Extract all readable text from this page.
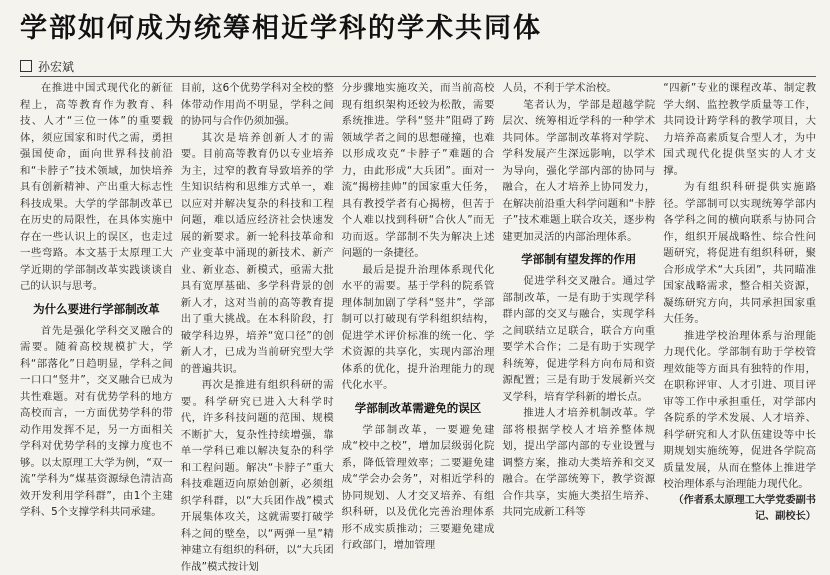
学部如何成为统筹相近学科的学术共同体
孙宏斌

在推进中国式现代化的新征程上，高等教育作为教育、科技、人才“三位一体”的重要载体，须应国家和时代之需，勇担强国使命，面向世界科技前沿和“卡脖子”技术领域，加快培养具有创新精神、产出重大标志性科技成果。大学的学部制改革已在历史的局限性，在具体实施中存在一些认识上的误区，也走过一些弯路。本文基于太原理工大学近期的学部制改革实践谈谈自己的认识与思考。

为什么要进行学部制改革

首先是强化学科交叉融合的需要。随着高校规模扩大，学科“部落化”日趋明显，学科之间一口口“竖井”，交叉融合已成为共性难题。对有优势学科的地方高校而言，一方面优势学科的带动作用发挥不足，另一方面相关学科对优势学科的支撑力度也不够。以太原理工大学为例，“双一流”学科为“煤基资源绿色清洁高效开发利用学科群”，由1个主建学科、5个支撑学科共同承建。

目前，这6个优势学科对全校的整体带动作用尚不明显，学科之间的协同与合作仍须加强。

其次是培养创新人才的需要。目前高等教育仍以专业培养为主，过窄的教育导致培养的学生知识结构和思维方式单一，难以应对并解决复杂的科技和工程问题，难以适应经济社会快速发展的新要求。新一轮科技革命和产业变革中涌现的新技术、新产业、新业态、新模式，亟需大批具有宽厚基础、多学科背景的创新人才，这对当前的高等教育提出了重大挑战。在本科阶段，打破学科边界，培养“宽口径”的创新人才，已成为当前研究型大学的普遍共识。

再次是推进有组织科研的需要。科学研究已进入大科学时代，许多科技问题的范围、规模不断扩大，复杂性持续增强，靠单一学科已难以解决复杂的科学和工程问题。解决“卡脖子”重大科技难题迈向原始创新，必须组织学科群，以“大兵团作战”模式开展集体攻关，这就需要打破学科之间的壁垒，以“两弹一星”精神建立有组织的科研，以“大兵团作战”模式按计划

分步骤地实施攻关，而当前高校现有组织架构还较为松散，需要系统推进。学科“竖井”阻碍了跨领域学者之间的思想碰撞，也难以形成攻克“卡脖子”难题的合力，由此形成“大兵团”。面对一流“揭榜挂帅”的国家重大任务，具有教授学者有心揭榜，但苦于个人难以找到科研“合伙人”而无功而返。学部制不失为解决上述问题的一条捷径。

最后是提升治理体系现代化水平的需要。基于学科的院系管理体制加剧了学科“竖井”，学部制可以打破现有学科组织结构，促进学术评价标准的统一化、学术资源的共享化，实现内部治理体系的优化，提升治理能力的现代化水平。

学部制改革需避免的误区

学部制改革，一要避免建成“校中之校”，增加层级弱化院系，降低管理效率；二要避免建成“学会办会务”，对相近学科的协同规划、人才交叉培养、有组织科研，以及优化完善治理体系形不成实质推动；三要避免建成行政部门，增加管理

人员，不利于学术治校。

笔者认为，学部是超越学院层次、统筹相近学科的一种学术共同体。学部制改革将对学院、学科发展产生深远影响，以学术为导向，强化学部内部的协同与融合，在人才培养上协同发力，在解决前沿重大科学问题和“卡脖子”技术难题上联合攻关，逐步构建更加灵活的内部治理体系。

学部制有望发挥的作用

促进学科交叉融合。通过学部制改革，一是有助于实现学科群内部的交叉与融合，实现学科之间联结立足联合，联合方向重要学术合作；二是有助于实现学科统筹，促进学科方向布局和资源配置；三是有助于发展新兴交叉学科，培育学科新的增长点。

推进人才培养机制改革。学部将根据学校人才培养整体规划，提出学部内部的专业设置与调整方案，推动大类培养和交叉融合。在学部统筹下，教学资源合作共享，实施大类招生培养、共同完成新工科等

“四新”专业的课程改革、制定教学大纲、监控教学质量等工作，共同设计跨学科的教学项目，大力培养高素质复合型人才，为中国式现代化提供坚实的人才支撑。

为有组织科研提供实施路径。学部制可以实现统筹学部内各学科之间的横向联系与协同合作，组织开展战略性、综合性问题研究，将促进有组织科研，聚合形成学术“大兵团”，共同瞄准国家战略需求，整合相关资源，凝练研究方向，共同承担国家重大任务。

推进学校治理体系与治理能力现代化。学部制有助于学校管理效能等方面具有独特的作用，在职称评审、人才引进、项目评审等工作中承担重任，对学部内各院系的学术发展、人才培养、科学研究和人才队伍建设等中长期规划实施统筹，促进各学院高质量发展，从而在整体上推进学校治理体系与治理能力现代化。

（作者系太原理工大学党委副书记、副校长）
